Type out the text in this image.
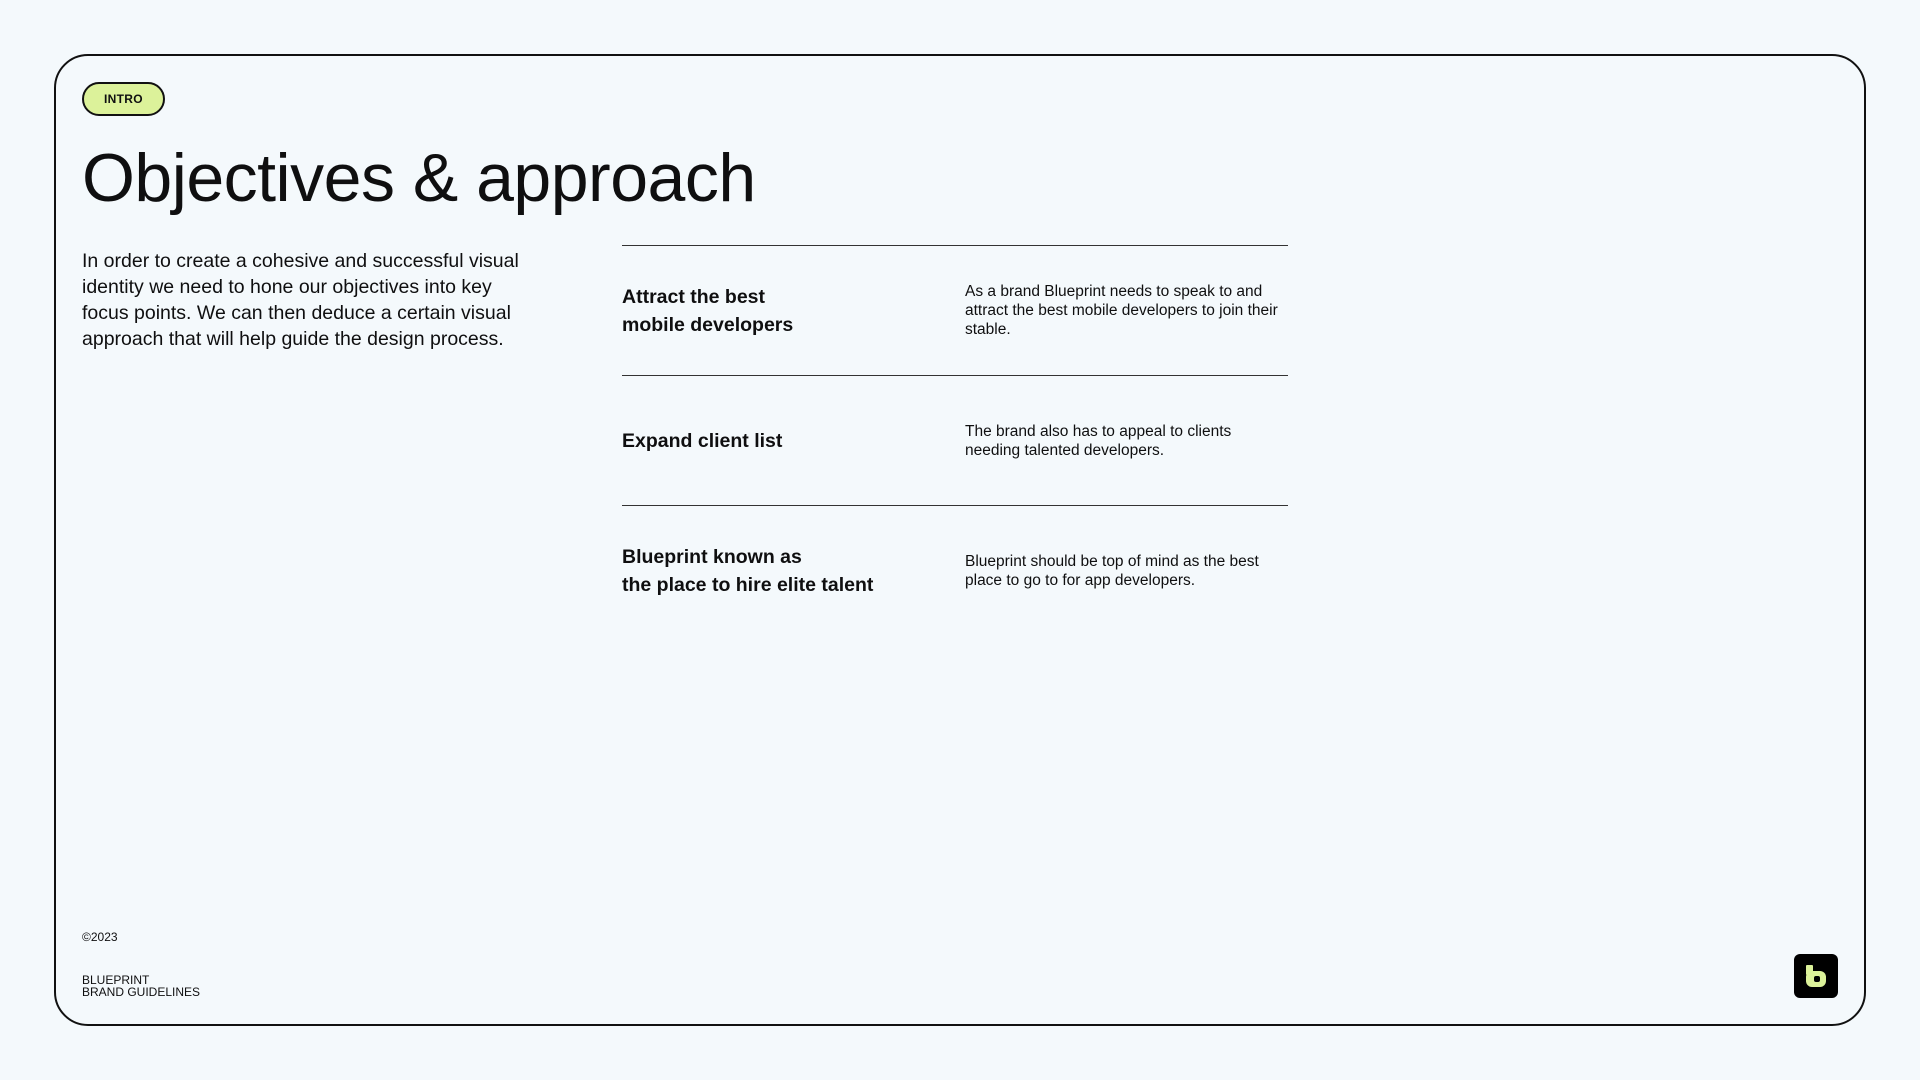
INTRO
Objectives & approach

In order to create a cohesive and successful visual identity we need to hone our objectives into key focus points. We can then deduce a certain visual approach that will help guide the design process.

Attract the best
mobile developers
As a brand Blueprint needs to speak to and attract the best mobile developers to join their stable.
Expand client list	The brand also has to appeal to clients needing talented developers.
Blueprint known as
the place to hire elite talent
Blueprint should be top of mind as the best place to go to for app developers.
©2023
BLUEPRINT
BRAND GUIDELINES
